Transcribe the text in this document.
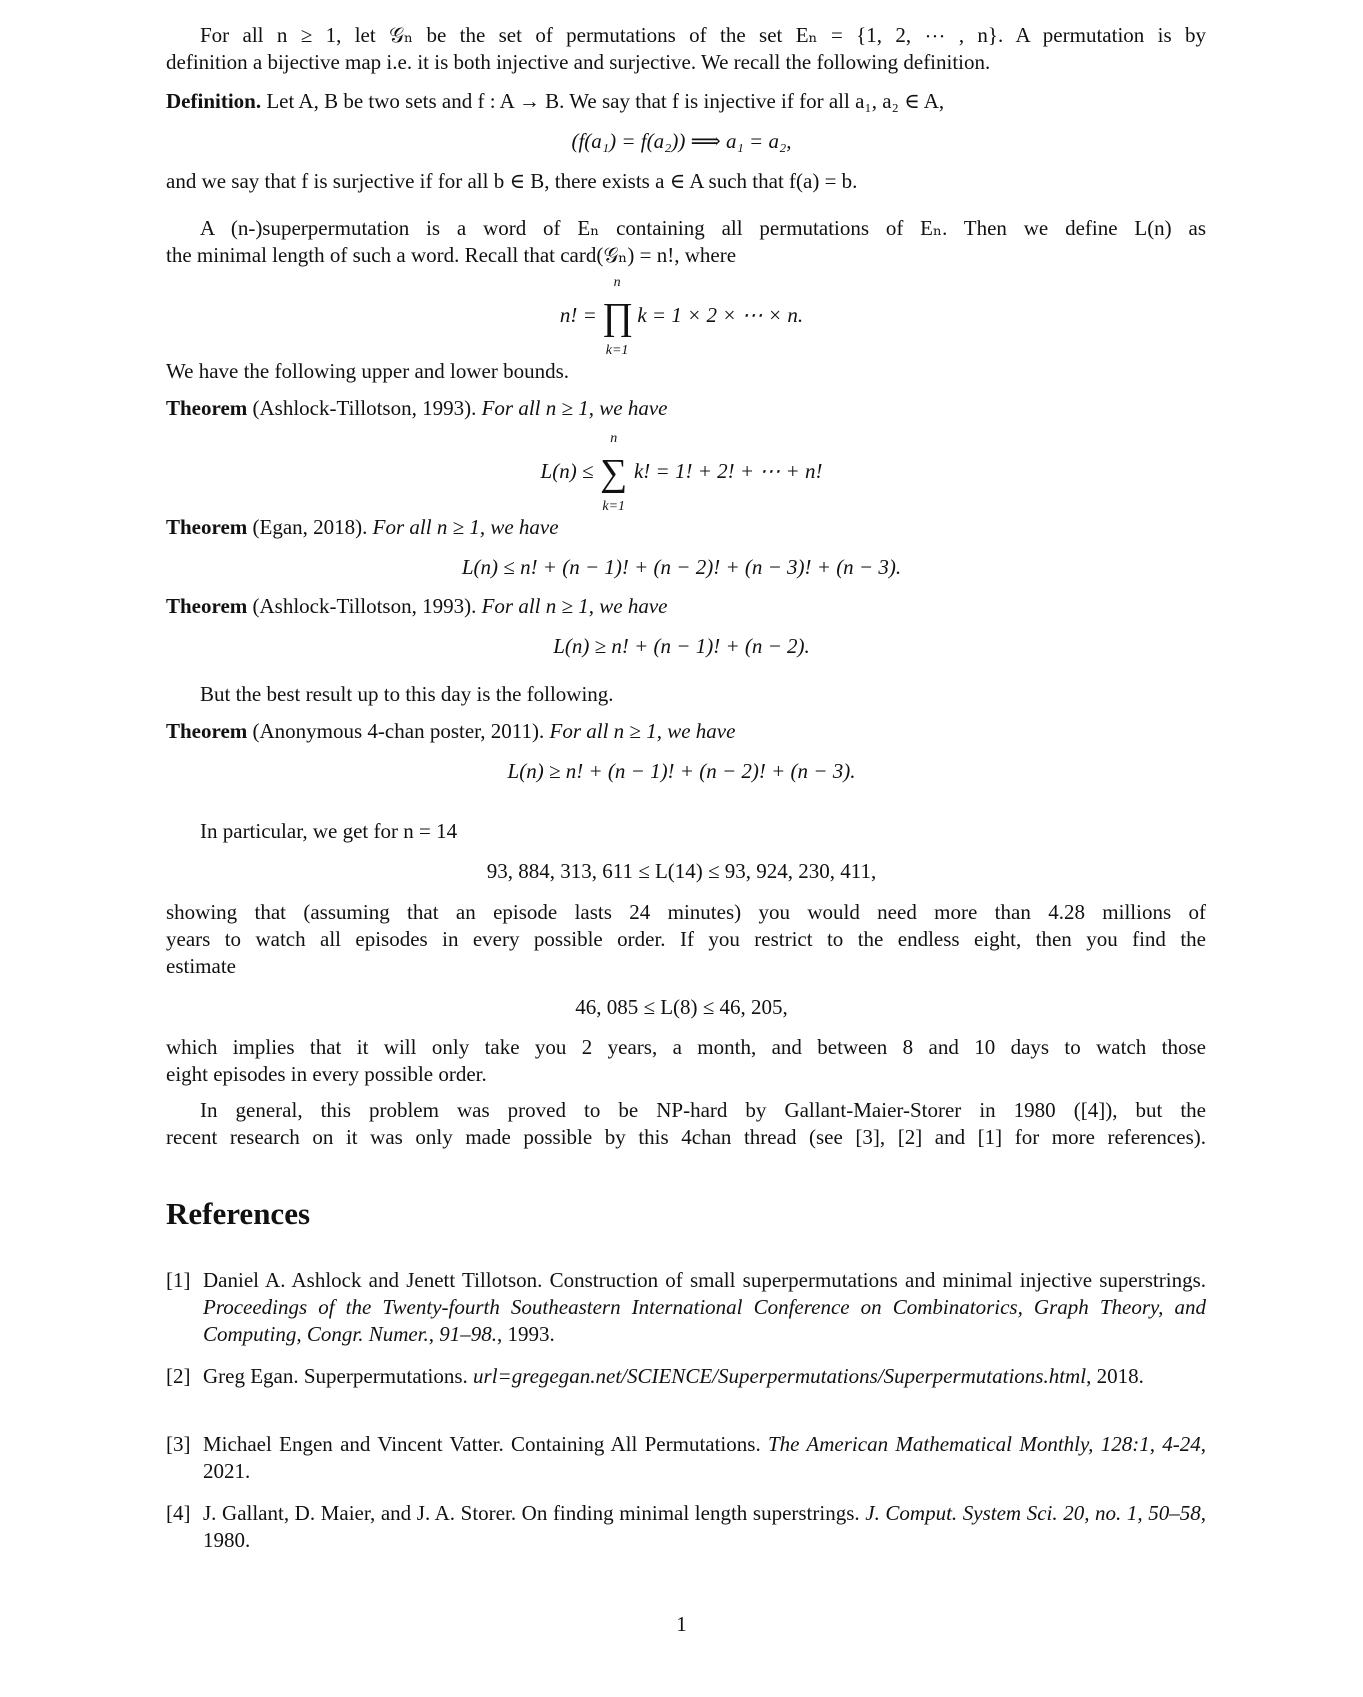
For all n ≥ 1, let 𝒢ₙ be the set of permutations of the set Eₙ = {1, 2, ⋯ , n}. A permutation is by
definition a bijective map i.e. it is both injective and surjective. We recall the following definition.
Definition. Let A, B be two sets and f : A → B. We say that f is injective if for all a₁, a₂ ∈ A,
(f(a₁) = f(a₂)) ⟹ a₁ = a₂,
and we say that f is surjective if for all b ∈ B, there exists a ∈ A such that f(a) = b.
A (n-)superpermutation is a word of Eₙ containing all permutations of Eₙ. Then we define L(n) as
the minimal length of such a word. Recall that card(𝒢ₙ) = n!, where
n! =
n
∏
k=1
k = 1 × 2 × ⋯ × n.
We have the following upper and lower bounds.
Theorem (Ashlock-Tillotson, 1993). For all n ≥ 1, we have
L(n) ≤
n
∑
k=1
k! = 1! + 2! + ⋯ + n!
Theorem (Egan, 2018). For all n ≥ 1, we have
L(n) ≤ n! + (n − 1)! + (n − 2)! + (n − 3)! + (n − 3).
Theorem (Ashlock-Tillotson, 1993). For all n ≥ 1, we have
L(n) ≥ n! + (n − 1)! + (n − 2).
But the best result up to this day is the following.
Theorem (Anonymous 4-chan poster, 2011). For all n ≥ 1, we have
L(n) ≥ n! + (n − 1)! + (n − 2)! + (n − 3).
In particular, we get for n = 14
93, 884, 313, 611 ≤ L(14) ≤ 93, 924, 230, 411,
showing that (assuming that an episode lasts 24 minutes) you would need more than 4.28 millions of
years to watch all episodes in every possible order. If you restrict to the endless eight, then you find the
estimate
46, 085 ≤ L(8) ≤ 46, 205,
which implies that it will only take you 2 years, a month, and between 8 and 10 days to watch those
eight episodes in every possible order.
In general, this problem was proved to be NP-hard by Gallant-Maier-Storer in 1980 ([4]), but the
recent research on it was only made possible by this 4chan thread (see [3], [2] and [1] for more references).
References
[1] Daniel A. Ashlock and Jenett Tillotson. Construction of small superpermutations and minimal injective superstrings. Proceedings of the Twenty-fourth Southeastern International Conference on Combinatorics, Graph Theory, and Computing, Congr. Numer., 91–98., 1993.
[2] Greg Egan. Superpermutations. url=gregegan.net/SCIENCE/Superpermutations/Superpermutations.html, 2018.
[3] Michael Engen and Vincent Vatter. Containing All Permutations. The American Mathematical Monthly, 128:1, 4-24, 2021.
[4] J. Gallant, D. Maier, and J. A. Storer. On finding minimal length superstrings. J. Comput. System Sci. 20, no. 1, 50–58, 1980.
1
